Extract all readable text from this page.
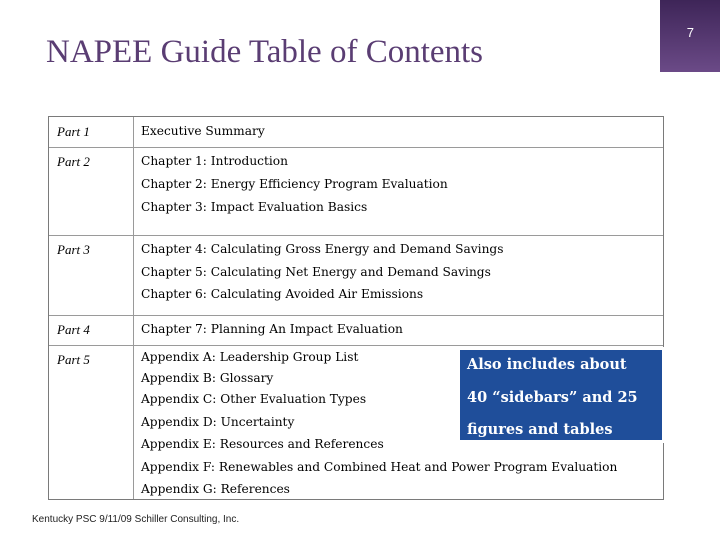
7
NAPEE Guide Table of Contents
Part 1	Executive Summary
Part 2	Chapter 1: Introduction
Chapter 2: Energy Efficiency Program Evaluation
Chapter 3: Impact Evaluation Basics
Part 3	Chapter 4: Calculating Gross Energy and Demand Savings
Chapter 5: Calculating Net Energy and Demand Savings
Chapter 6: Calculating Avoided Air Emissions
Part 4	Chapter 7: Planning An Impact Evaluation
Part 5	Appendix A: Leadership Group List
Appendix B: Glossary
Appendix C: Other Evaluation Types
Appendix D: Uncertainty
Appendix E: Resources and References
Appendix F: Renewables and Combined Heat and Power Program Evaluation
Appendix G: References
Also includes about
40 “sidebars” and 25
figures and tables
Kentucky PSC 9/11/09 Schiller Consulting, Inc.
